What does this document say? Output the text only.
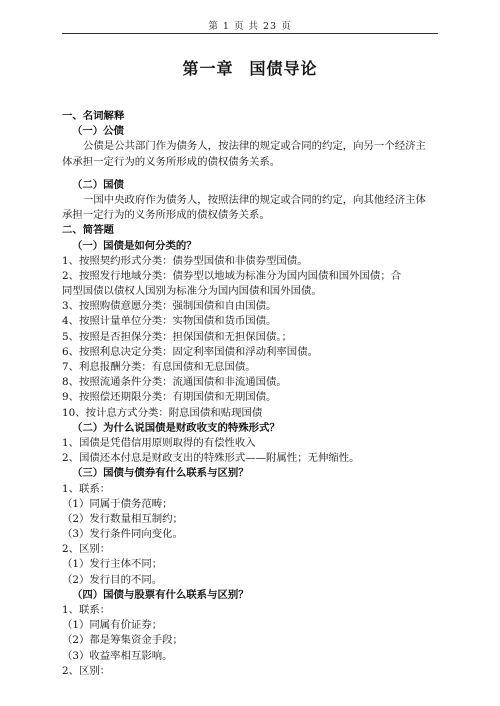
第 1 页 共 23 页
第一章 国债导论
一、名词解释
（一）公债
公债是公共部门作为债务人，按法律的规定或合同的约定，向另一个经济主
体承担一定行为的义务所形成的债权债务关系。
（二）国债
一国中央政府作为债务人，按照法律的规定或合同的约定，向其他经济主体
承担一定行为的义务所形成的债权债务关系。
二、简答题
（一）国债是如何分类的？
1、按照契约形式分类：债券型国债和非债券型国债。
2、按照发行地域分类：债券型以地域为标准分为国内国债和国外国债；合
同型国债以债权人国别为标准分为国内国债和国外国债。
3、按照购债意愿分类：强制国债和自由国债。
4、按照计量单位分类：实物国债和货币国债。
5、按照是否担保分类：担保国债和无担保国债。；
6、按照利息决定分类：固定利率国债和浮动利率国债。
7、利息报酬分类：有息国债和无息国债。
8、按照流通条件分类：流通国债和非流通国债。
9、按照偿还期限分类：有期国债和无期国债。
10、按计息方式分类：附息国债和贴现国债
（二）为什么说国债是财政收支的特殊形式？
1、国债是凭借信用原则取得的有偿性收入
2、国债还本付息是财政支出的特殊形式——附属性；无伸缩性。
（三）国债与债券有什么联系与区别？
1、联系：
（1）同属于债务范畴；
（2）发行数量相互制约；
（3）发行条件同向变化。
2、区别：
（1）发行主体不同；
（2）发行目的不同。
（四）国债与股票有什么联系与区别？
1、联系：
（1）同属有价证券；
（2）都是筹集资金手段；
（3）收益率相互影响。
2、区别：
